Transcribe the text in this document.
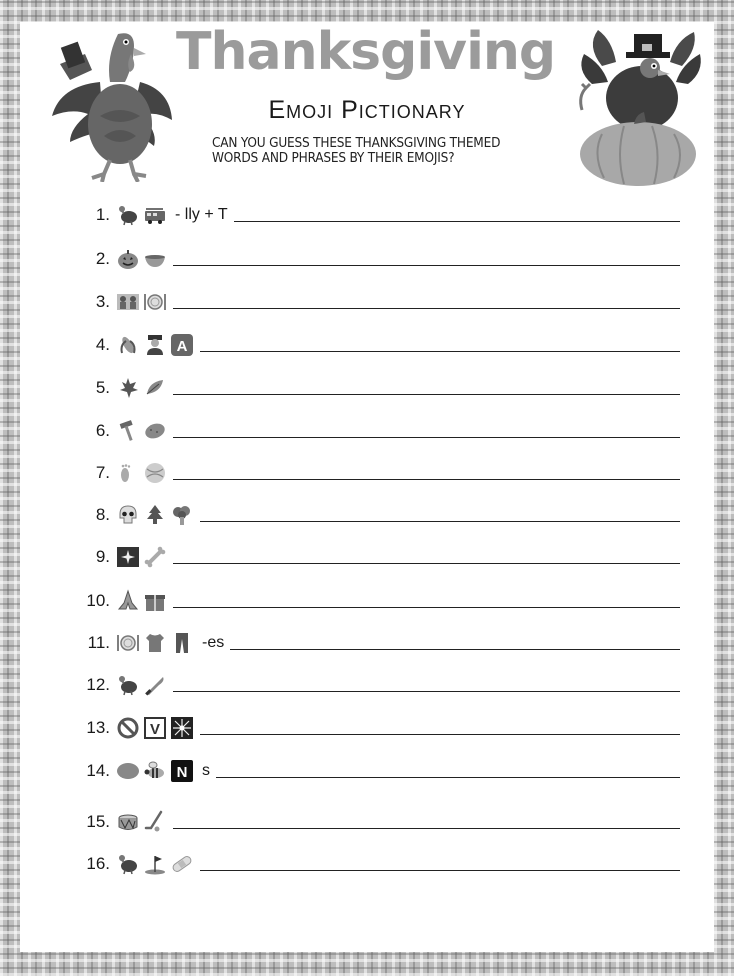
Thanksgiving
Emoji Pictionary
CAN YOU GUESS THESE THANKSGIVING THEMED WORDS AND PHRASES BY THEIR EMOJIS?
1.	- lly + T
2.
3.
4.
5.
6.
7.
8.
9.
10.
11.	-es
12.
13.
14.	s
15.
16.
